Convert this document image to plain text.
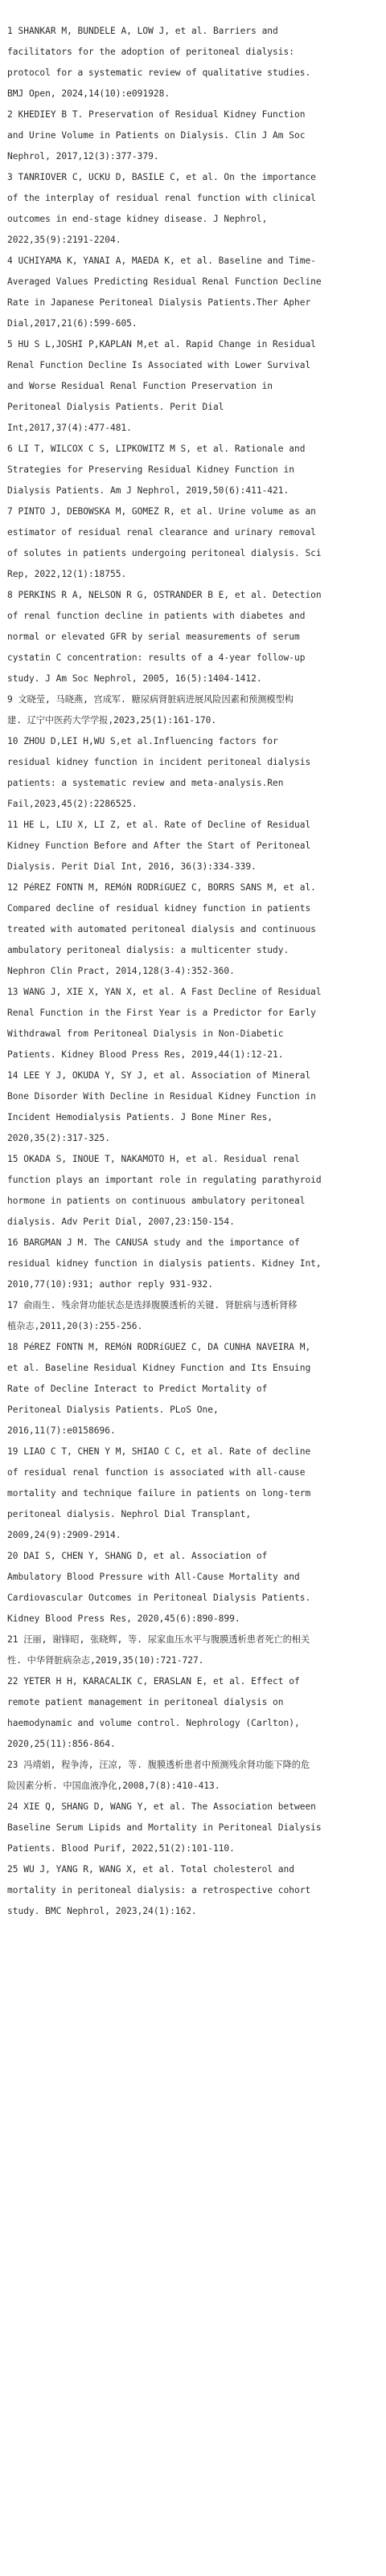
1 SHANKAR M, BUNDELE A, LOW J, et al. Barriers and
facilitators for the adoption of peritoneal dialysis:
protocol for a systematic review of qualitative studies.
BMJ Open, 2024,14(10):e091928.
2 KHEDIEY B T. Preservation of Residual Kidney Function
and Urine Volume in Patients on Dialysis. Clin J Am Soc
Nephrol, 2017,12(3):377-379.
3 TANRIOVER C, UCKU D, BASILE C, et al. On the importance
of the interplay of residual renal function with clinical
outcomes in end-stage kidney disease. J Nephrol,
2022,35(9):2191-2204.
4 UCHIYAMA K, YANAI A, MAEDA K, et al. Baseline and Time-
Averaged Values Predicting Residual Renal Function Decline
Rate in Japanese Peritoneal Dialysis Patients.Ther Apher
Dial,2017,21(6):599-605.
5 HU S L,JOSHI P,KAPLAN M,et al. Rapid Change in Residual
Renal Function Decline Is Associated with Lower Survival
and Worse Residual Renal Function Preservation in
Peritoneal Dialysis Patients. Perit Dial
Int,2017,37(4):477-481.
6 LI T, WILCOX C S, LIPKOWITZ M S, et al. Rationale and
Strategies for Preserving Residual Kidney Function in
Dialysis Patients. Am J Nephrol, 2019,50(6):411-421.
7 PINTO J, DEBOWSKA M, GOMEZ R, et al. Urine volume as an
estimator of residual renal clearance and urinary removal
of solutes in patients undergoing peritoneal dialysis. Sci
Rep, 2022,12(1):18755.
8 PERKINS R A, NELSON R G, OSTRANDER B E, et al. Detection
of renal function decline in patients with diabetes and
normal or elevated GFR by serial measurements of serum
cystatin C concentration: results of a 4-year follow-up
study. J Am Soc Nephrol, 2005, 16(5):1404-1412.
9 文晓莹, 马晓燕, 宫成军. 糖尿病肾脏病进展风险因素和预测模型构
建. 辽宁中医药大学学报,2023,25(1):161-170.
10 ZHOU D,LEI H,WU S,et al.Influencing factors for
residual kidney function in incident peritoneal dialysis
patients: a systematic review and meta-analysis.Ren
Fail,2023,45(2):2286525.
11 HE L, LIU X, LI Z, et al. Rate of Decline of Residual
Kidney Function Before and After the Start of Peritoneal
Dialysis. Perit Dial Int, 2016, 36(3):334-339.
12 PéREZ FONTN M, REMóN RODRíGUEZ C, BORRS SANS M, et al.
Compared decline of residual kidney function in patients
treated with automated peritoneal dialysis and continuous
ambulatory peritoneal dialysis: a multicenter study.
Nephron Clin Pract, 2014,128(3-4):352-360.
13 WANG J, XIE X, YAN X, et al. A Fast Decline of Residual
Renal Function in the First Year is a Predictor for Early
Withdrawal from Peritoneal Dialysis in Non-Diabetic
Patients. Kidney Blood Press Res, 2019,44(1):12-21.
14 LEE Y J, OKUDA Y, SY J, et al. Association of Mineral
Bone Disorder With Decline in Residual Kidney Function in
Incident Hemodialysis Patients. J Bone Miner Res,
2020,35(2):317-325.
15 OKADA S, INOUE T, NAKAMOTO H, et al. Residual renal
function plays an important role in regulating parathyroid
hormone in patients on continuous ambulatory peritoneal
dialysis. Adv Perit Dial, 2007,23:150-154.
16 BARGMAN J M. The CANUSA study and the importance of
residual kidney function in dialysis patients. Kidney Int,
2010,77(10):931; author reply 931-932.
17 俞雨生. 残余肾功能状态是选择腹膜透析的关键. 肾脏病与透析肾移
植杂志,2011,20(3):255-256.
18 PéREZ FONTN M, REMóN RODRíGUEZ C, DA CUNHA NAVEIRA M,
et al. Baseline Residual Kidney Function and Its Ensuing
Rate of Decline Interact to Predict Mortality of
Peritoneal Dialysis Patients. PLoS One,
2016,11(7):e0158696.
19 LIAO C T, CHEN Y M, SHIAO C C, et al. Rate of decline
of residual renal function is associated with all-cause
mortality and technique failure in patients on long-term
peritoneal dialysis. Nephrol Dial Transplant,
2009,24(9):2909-2914.
20 DAI S, CHEN Y, SHANG D, et al. Association of
Ambulatory Blood Pressure with All-Cause Mortality and
Cardiovascular Outcomes in Peritoneal Dialysis Patients.
Kidney Blood Press Res, 2020,45(6):890-899.
21 汪丽, 谢锋昭, 张晓辉, 等. 尿家血压水平与腹膜透析患者死亡的相关
性. 中华肾脏病杂志,2019,35(10):721-727.
22 YETER H H, KARACALIK C, ERASLAN E, et al. Effect of
remote patient management in peritoneal dialysis on
haemodynamic and volume control. Nephrology (Carlton),
2020,25(11):856-864.
23 冯靖娟, 程争涛, 汪凉, 等. 腹膜透析患者中预测残余肾功能下降的危
险因素分析. 中国血液净化,2008,7(8):410-413.
24 XIE Q, SHANG D, WANG Y, et al. The Association between
Baseline Serum Lipids and Mortality in Peritoneal Dialysis
Patients. Blood Purif, 2022,51(2):101-110.
25 WU J, YANG R, WANG X, et al. Total cholesterol and
mortality in peritoneal dialysis: a retrospective cohort
study. BMC Nephrol, 2023,24(1):162.
